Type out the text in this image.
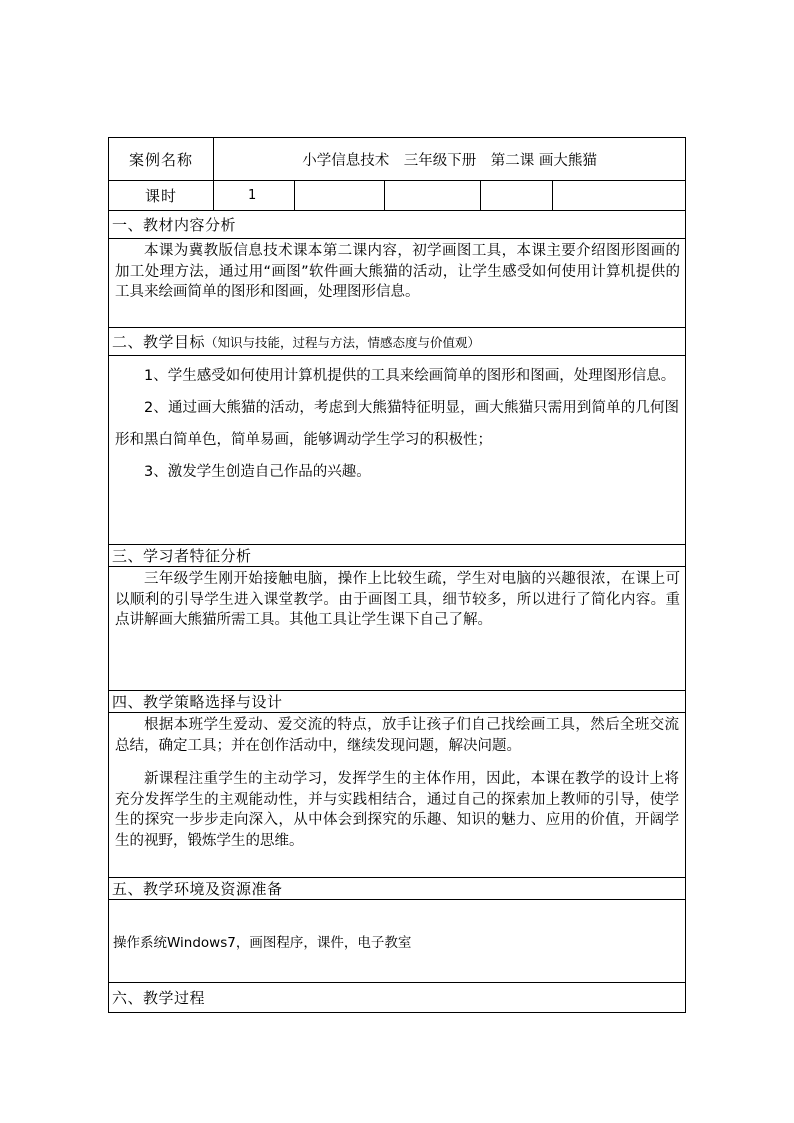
案例名称	小学信息技术　三年级下册　第二课 画大熊猫				
课时	1				
一、教材内容分析					
本课为冀教版信息技术课本第二课内容，初学画图工具，本课主要介绍图形图画的加工处理方法，通过用“画图”软件画大熊猫的活动，让学生感受如何使用计算机提供的工具来绘画简单的图形和图画，处理图形信息。					
二、教学目标（知识与技能，过程与方法，情感态度与价值观）					

1、学生感受如何使用计算机提供的工具来绘画简单的图形和图画，处理图形信息。

2、通过画大熊猫的活动，考虑到大熊猫特征明显，画大熊猫只需用到简单的几何图形和黑白简单色，简单易画，能够调动学生学习的积极性；

3、激发学生创造自己作品的兴趣。					

三、学习者特征分析					
三年级学生刚开始接触电脑，操作上比较生疏，学生对电脑的兴趣很浓，在课上可以顺利的引导学生进入课堂教学。由于画图工具，细节较多，所以进行了简化内容。重点讲解画大熊猫所需工具。其他工具让学生课下自己了解。					
四、教学策略选择与设计					

根据本班学生爱动、爱交流的特点，放手让孩子们自己找绘画工具，然后全班交流总结，确定工具；并在创作活动中，继续发现问题，解决问题。

新课程注重学生的主动学习，发挥学生的主体作用，因此，本课在教学的设计上将充分发挥学生的主观能动性，并与实践相结合，通过自己的探索加上教师的引导，使学生的探究一步步走向深入，从中体会到探究的乐趣、知识的魅力、应用的价值，开阔学生的视野，锻炼学生的思维。					

五、教学环境及资源准备					
操作系统Windows7，画图程序，课件，电子教室					
六、教学过程					
